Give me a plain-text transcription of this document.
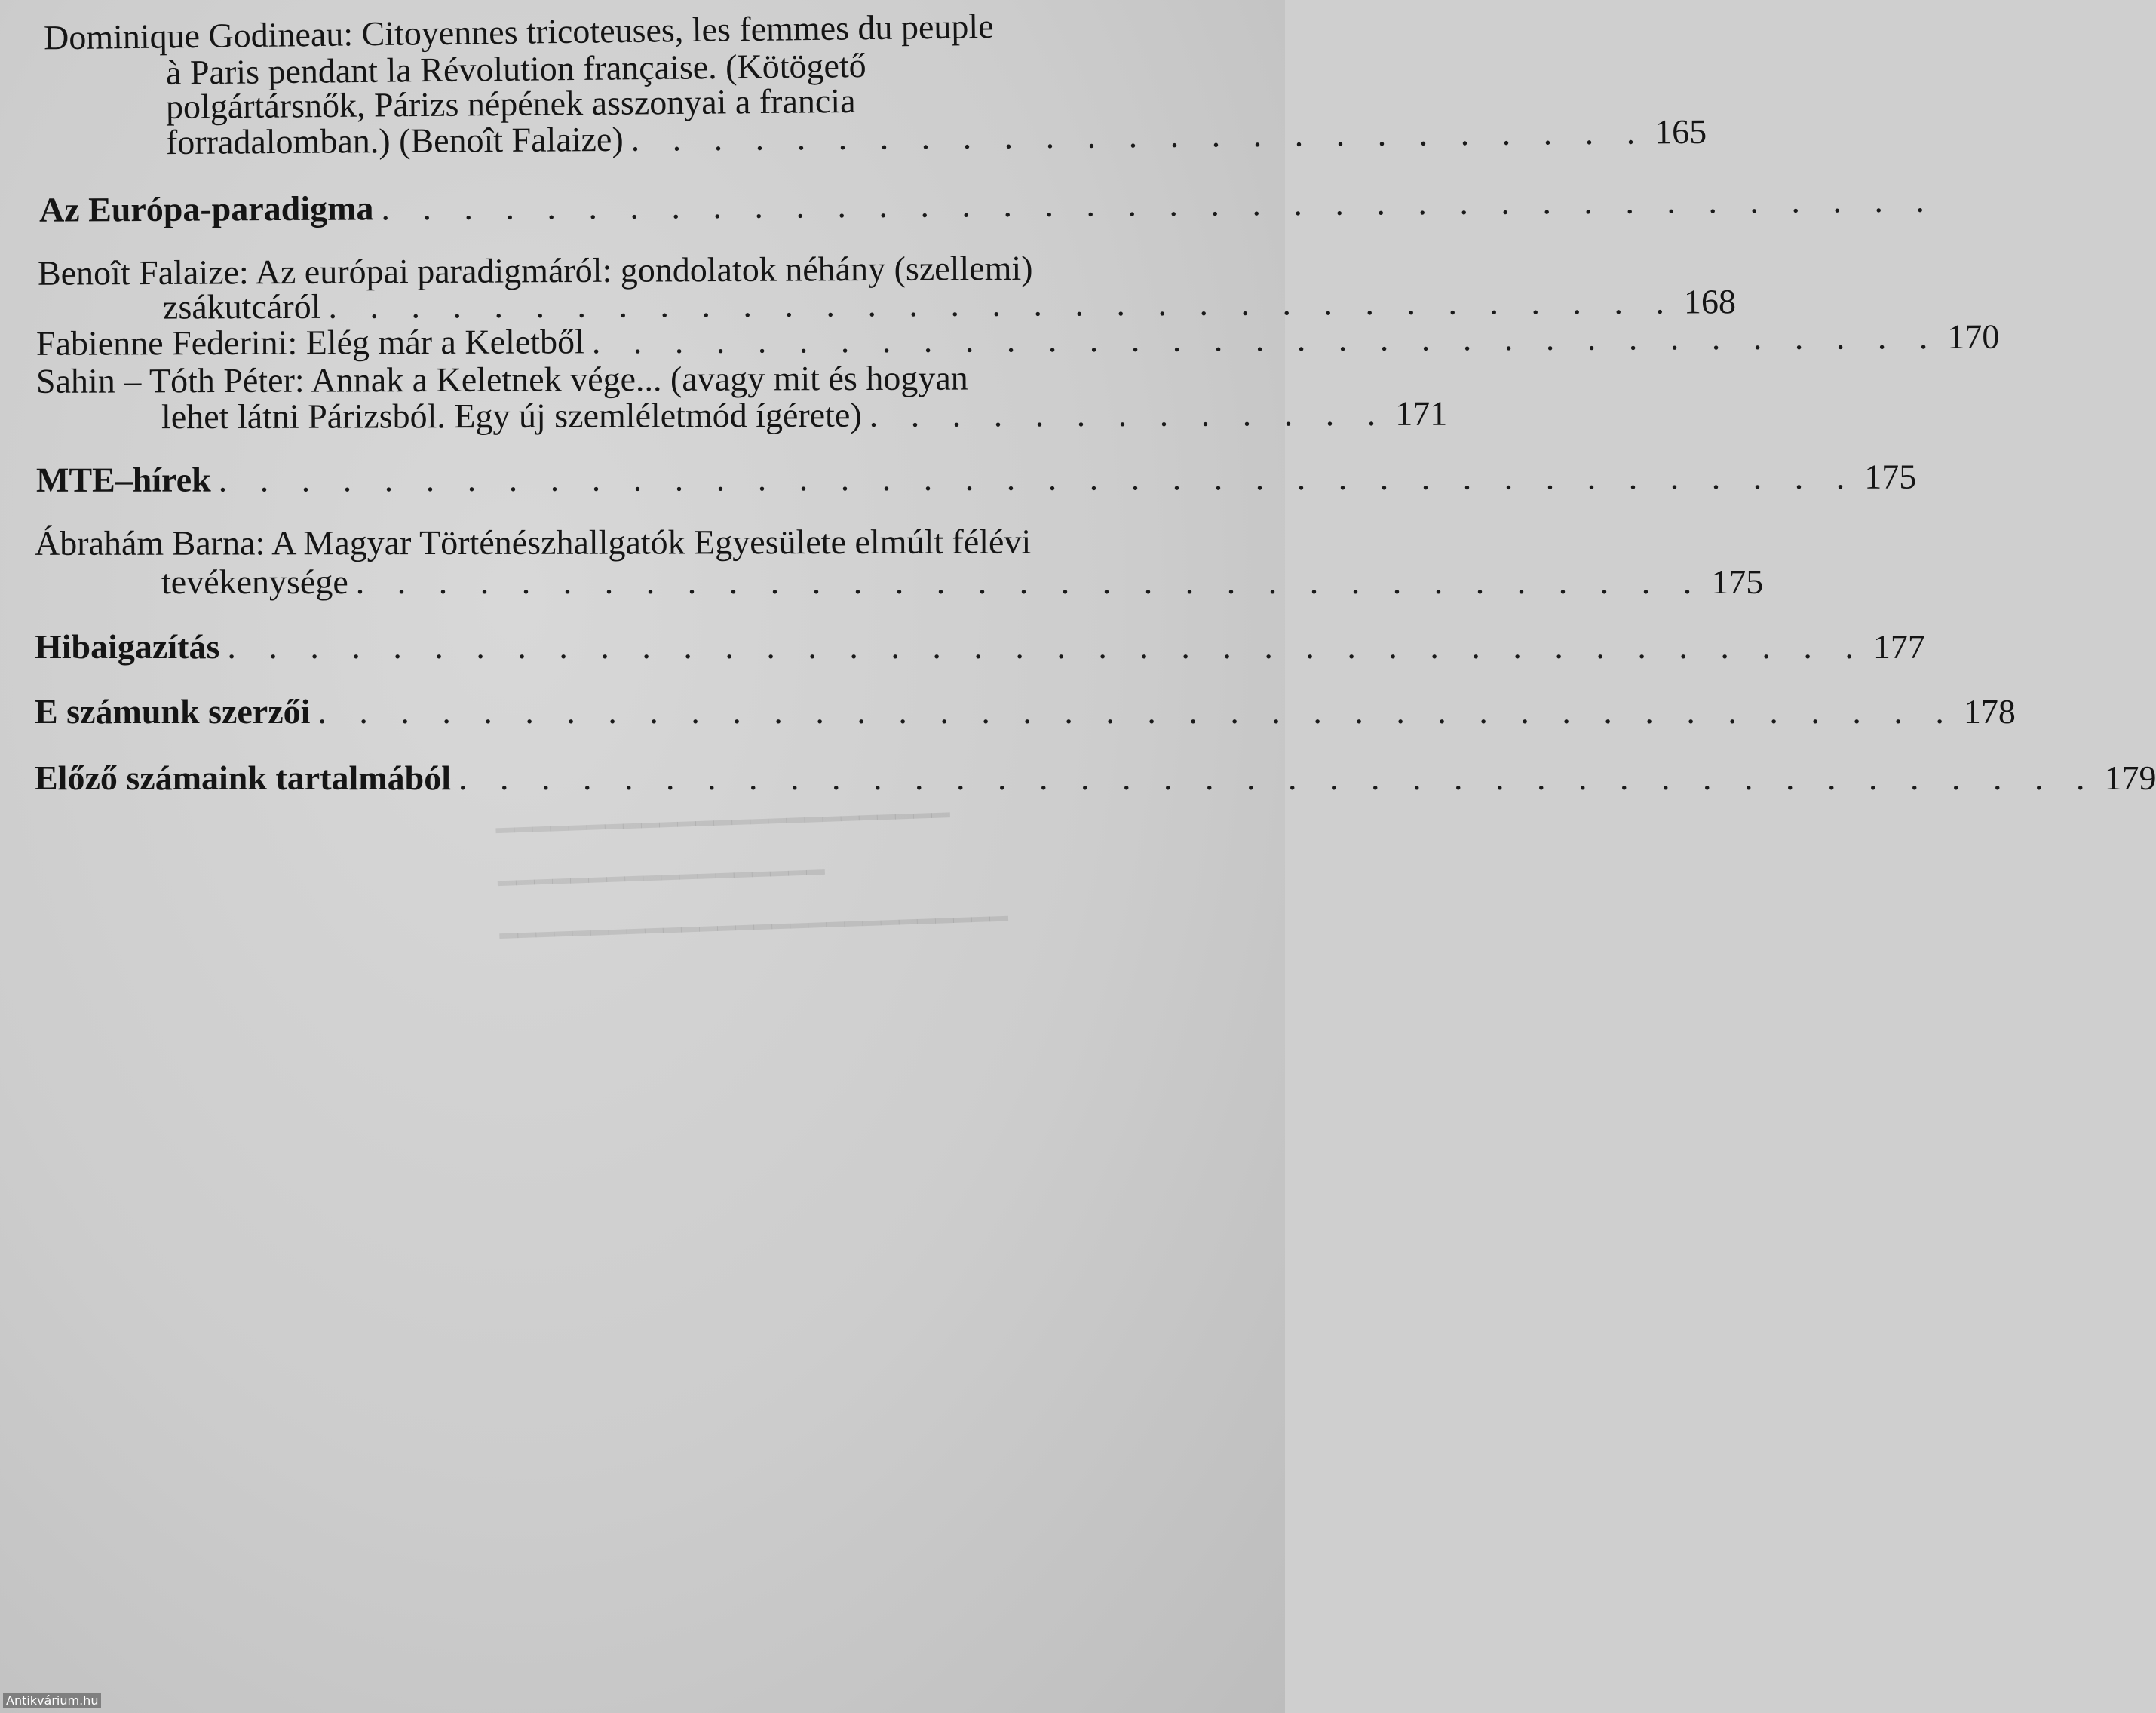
━━━━━━━━━━━━━━━━━━━━━━━━━
━━━━━━━━━━━━━━━━━━
━━━━━━━━━━━━━━━━━━━━━━━━━━━━
Dominique Godineau: Citoyennes tricoteuses, les femmes du peuple
à Paris pendant la Révolution française. (Kötögető
polgártársnők, Párizs népének asszonyai a francia
forradalomban.) (Benoît Falaize) . . . . . . . . . . . . . . . . . . . . . . . . . 165
Az Európa-paradigma . . . . . . . . . . . . . . . . . . . . . . . . . . . . . . . . . . . . . .
Benoît Falaize: Az európai paradigmáról: gondolatok néhány (szellemi)
zsákutcáról . . . . . . . . . . . . . . . . . . . . . . . . . . . . . . . . . 168
Fabienne Federini: Elég már a Keletből . . . . . . . . . . . . . . . . . . . . . . . . . . . . . . . . . 170
Sahin – Tóth Péter: Annak a Keletnek vége... (avagy mit és hogyan
lehet látni Párizsból. Egy új szemléletmód ígérete) . . . . . . . . . . . . . 171
MTE–hírek . . . . . . . . . . . . . . . . . . . . . . . . . . . . . . . . . . . . . . . . 175
Ábrahám Barna: A Magyar Történészhallgatók Egyesülete elmúlt félévi
tevékenysége . . . . . . . . . . . . . . . . . . . . . . . . . . . . . . . . . 175
Hibaigazítás . . . . . . . . . . . . . . . . . . . . . . . . . . . . . . . . . . . . . . . . 177
E számunk szerzői . . . . . . . . . . . . . . . . . . . . . . . . . . . . . . . . . . . . . . . . 178
Előző számaink tartalmából . . . . . . . . . . . . . . . . . . . . . . . . . . . . . . . . . . . . . . . . 179
Antikvárium.hu
